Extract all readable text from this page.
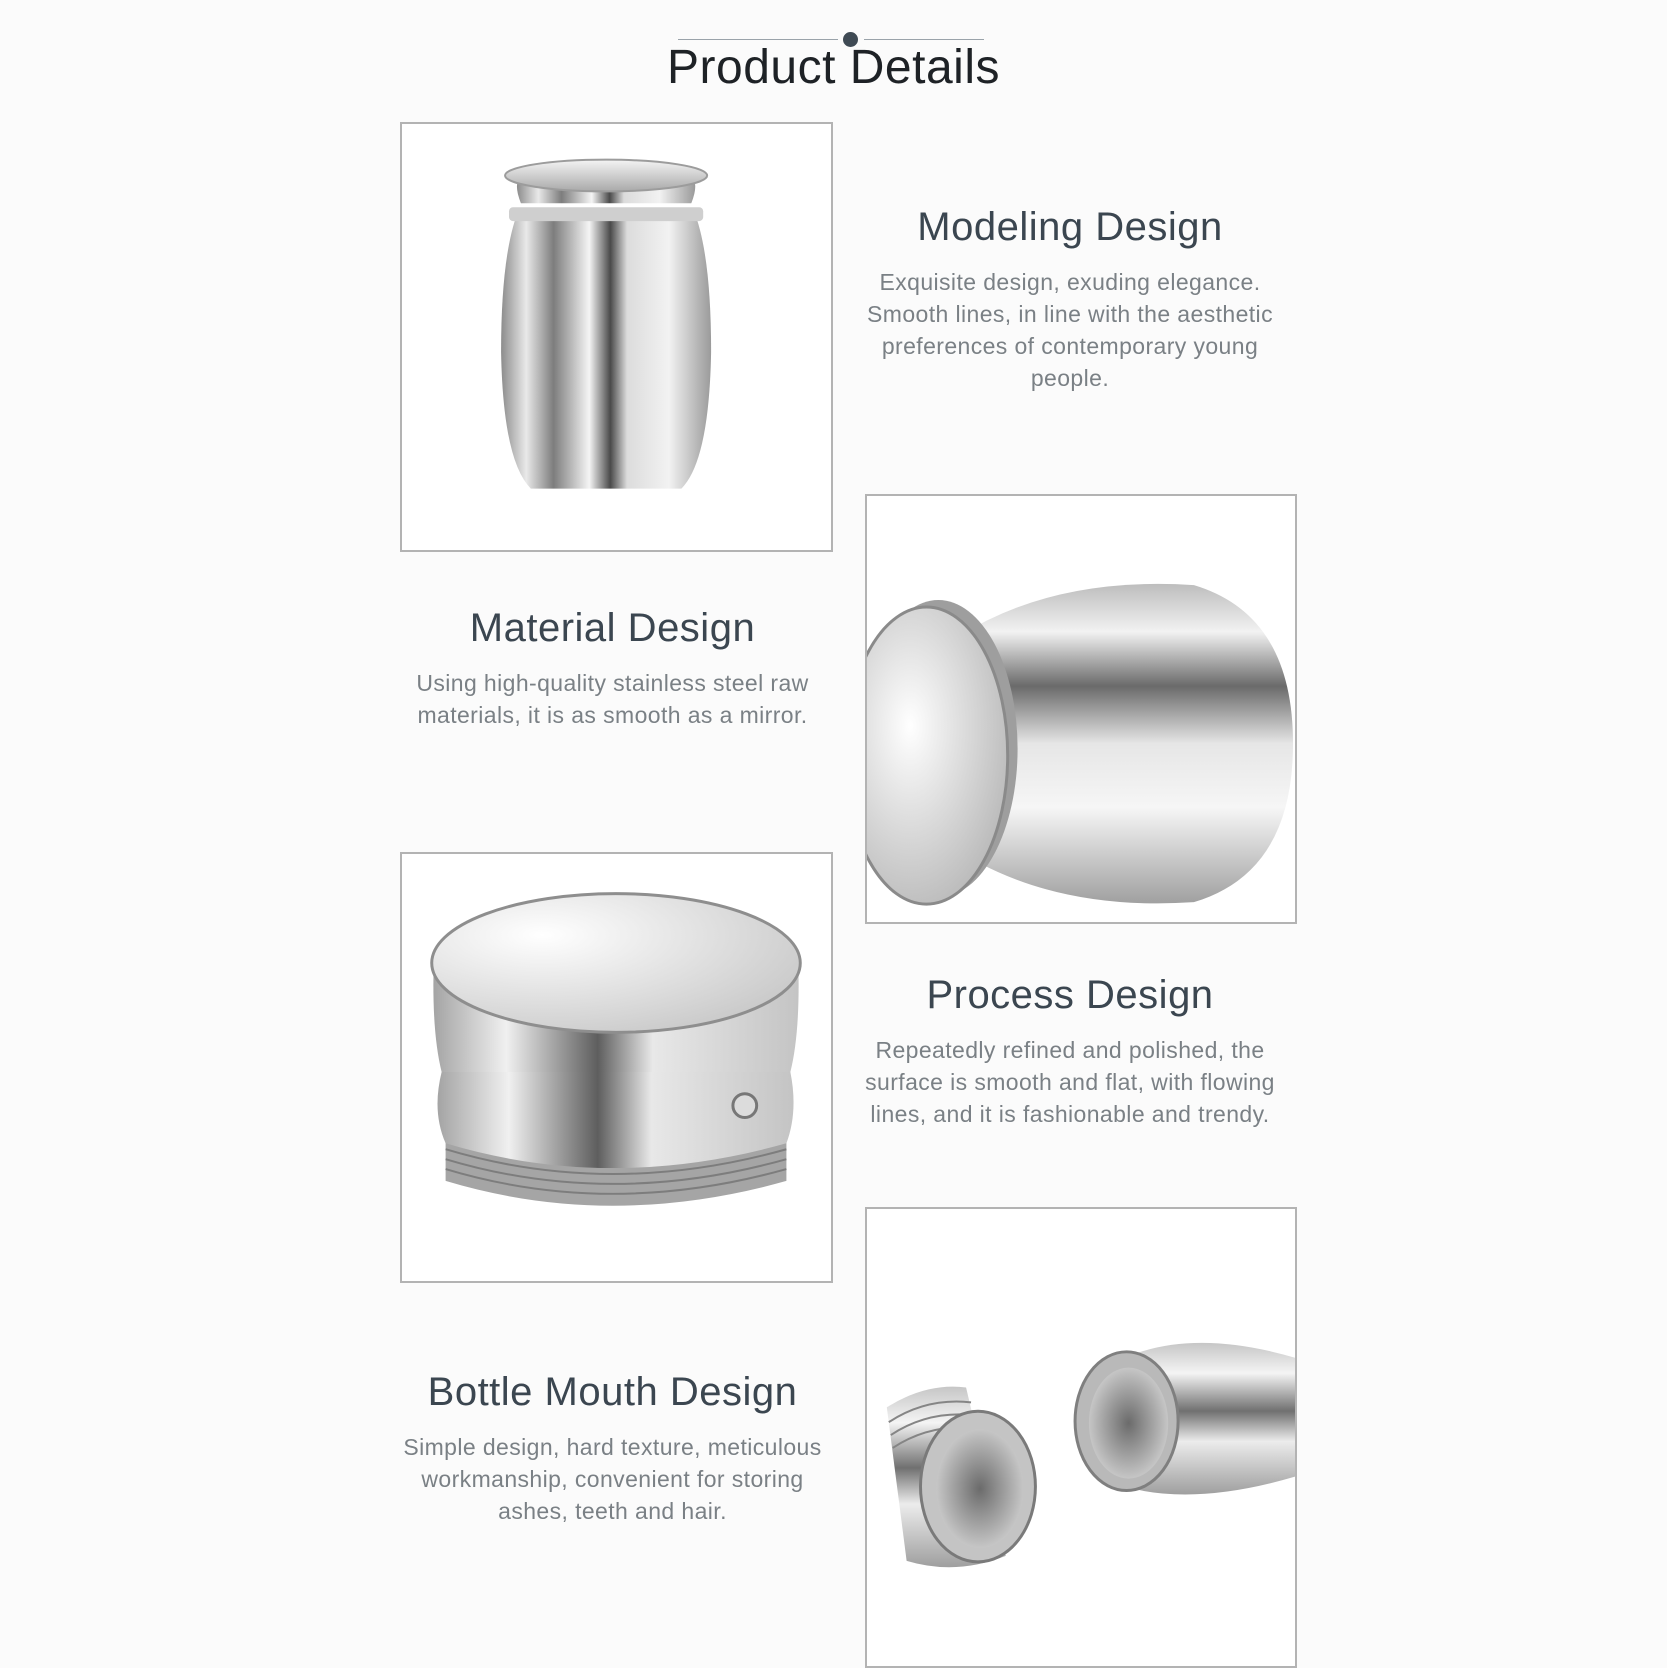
Product Details
Modeling Design

Exquisite design, exuding elegance. Smooth lines, in line with the aesthetic preferences of contemporary young people.

Material Design

Using high-quality stainless steel raw materials, it is as smooth as a mirror.

Process Design

Repeatedly refined and polished, the surface is smooth and flat, with flowing lines, and it is fashionable and trendy.

Bottle Mouth Design

Simple design, hard texture, meticulous workmanship, convenient for storing ashes, teeth and hair.
